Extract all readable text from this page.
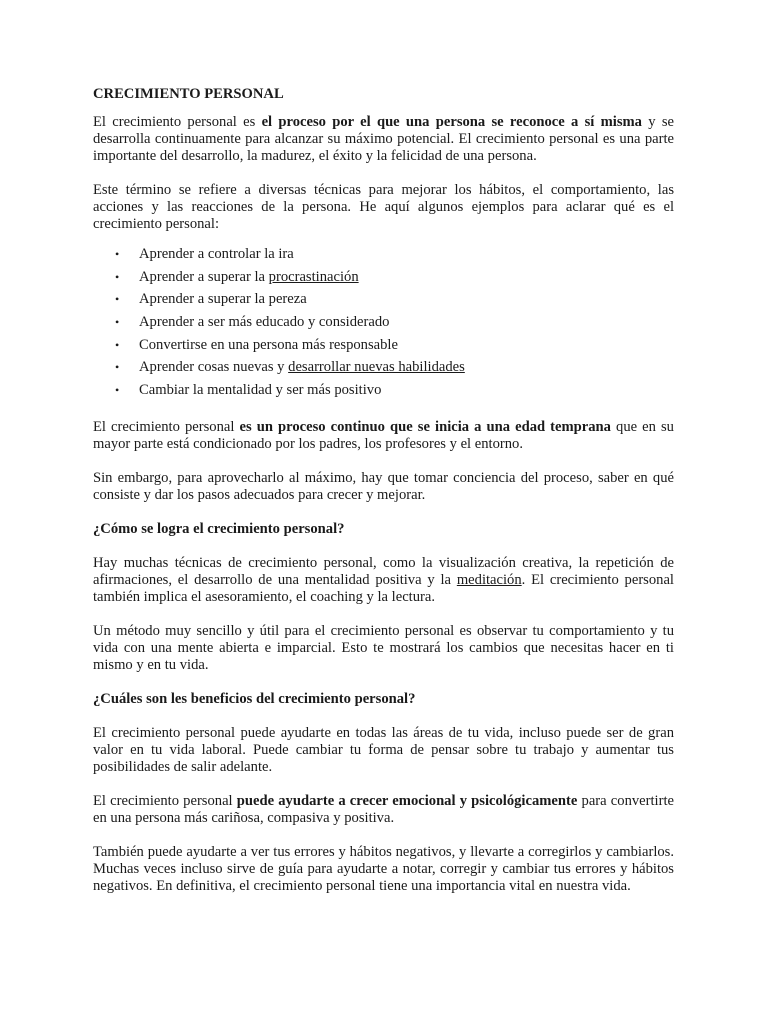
CRECIMIENTO PERSONAL

El crecimiento personal es el proceso por el que una persona se reconoce a sí misma y se desarrolla continuamente para alcanzar su máximo potencial. El crecimiento personal es una parte importante del desarrollo, la madurez, el éxito y la felicidad de una persona.

Este término se refiere a diversas técnicas para mejorar los hábitos, el comportamiento, las acciones y las reacciones de la persona. He aquí algunos ejemplos para aclarar qué es el crecimiento personal:

• Aprender a controlar la ira
• Aprender a superar la procrastinación
• Aprender a superar la pereza
• Aprender a ser más educado y considerado
• Convertirse en una persona más responsable
• Aprender cosas nuevas y desarrollar nuevas habilidades
• Cambiar la mentalidad y ser más positivo

El crecimiento personal es un proceso continuo que se inicia a una edad temprana que en su mayor parte está condicionado por los padres, los profesores y el entorno.

Sin embargo, para aprovecharlo al máximo, hay que tomar conciencia del proceso, saber en qué consiste y dar los pasos adecuados para crecer y mejorar.

¿Cómo se logra el crecimiento personal?

Hay muchas técnicas de crecimiento personal, como la visualización creativa, la repetición de afirmaciones, el desarrollo de una mentalidad positiva y la meditación. El crecimiento personal también implica el asesoramiento, el coaching y la lectura.

Un método muy sencillo y útil para el crecimiento personal es observar tu comportamiento y tu vida con una mente abierta e imparcial. Esto te mostrará los cambios que necesitas hacer en ti mismo y en tu vida.

¿Cuáles son les beneficios del crecimiento personal?

El crecimiento personal puede ayudarte en todas las áreas de tu vida, incluso puede ser de gran valor en tu vida laboral. Puede cambiar tu forma de pensar sobre tu trabajo y aumentar tus posibilidades de salir adelante.

El crecimiento personal puede ayudarte a crecer emocional y psicológicamente para convertirte en una persona más cariñosa, compasiva y positiva.

También puede ayudarte a ver tus errores y hábitos negativos, y llevarte a corregirlos y cambiarlos. Muchas veces incluso sirve de guía para ayudarte a notar, corregir y cambiar tus errores y hábitos negativos. En definitiva, el crecimiento personal tiene una importancia vital en nuestra vida.
